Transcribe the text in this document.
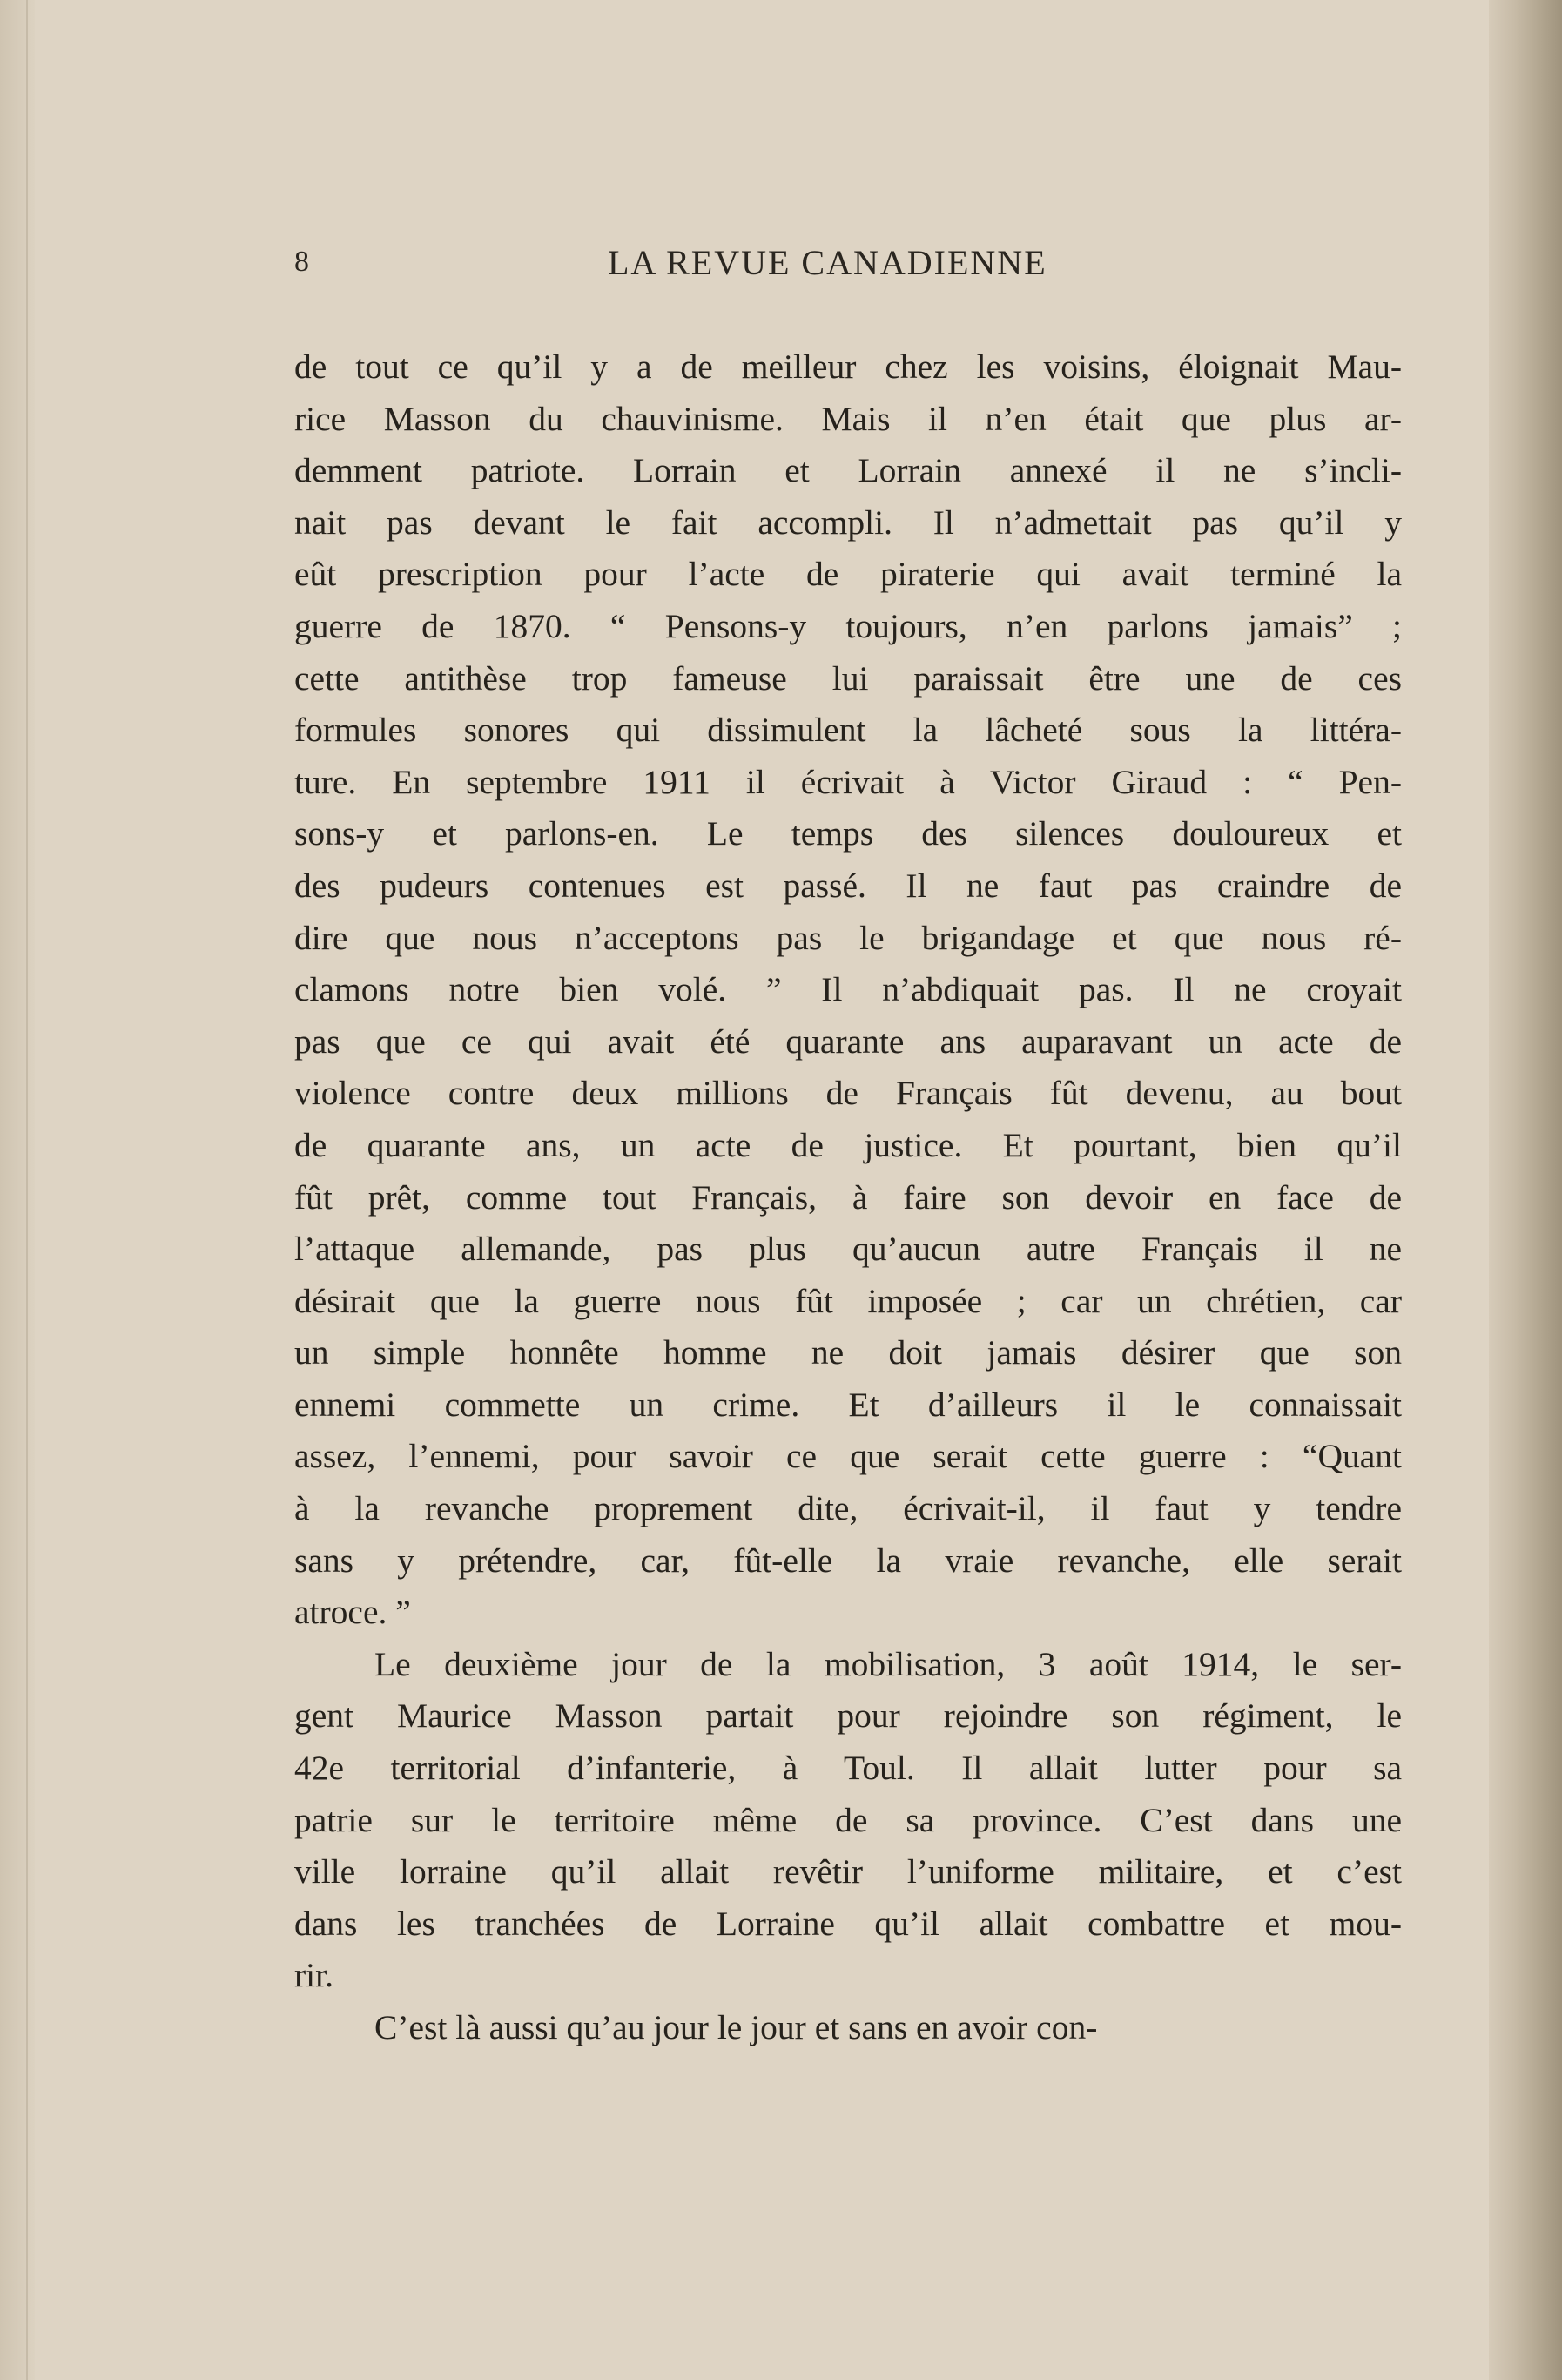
8	LA REVUE CANADIENNE
de tout ce qu’il y a de meilleur chez les voisins, éloignait Mau-
rice Masson du chauvinisme. Mais il n’en était que plus ar-
demment patriote. Lorrain et Lorrain annexé il ne s’incli-
nait pas devant le fait accompli. Il n’admettait pas qu’il y
eût prescription pour l’acte de piraterie qui avait terminé la
guerre de 1870. “ Pensons-y toujours, n’en parlons jamais” ;
cette antithèse trop fameuse lui paraissait être une de ces
formules sonores qui dissimulent la lâcheté sous la littéra-
ture. En septembre 1911 il écrivait à Victor Giraud : “ Pen-
sons-y et parlons-en. Le temps des silences douloureux et
des pudeurs contenues est passé. Il ne faut pas craindre de
dire que nous n’acceptons pas le brigandage et que nous ré-
clamons notre bien volé. ” Il n’abdiquait pas. Il ne croyait
pas que ce qui avait été quarante ans auparavant un acte de
violence contre deux millions de Français fût devenu, au bout
de quarante ans, un acte de justice. Et pourtant, bien qu’il
fût prêt, comme tout Français, à faire son devoir en face de
l’attaque allemande, pas plus qu’aucun autre Français il ne
désirait que la guerre nous fût imposée ; car un chrétien, car
un simple honnête homme ne doit jamais désirer que son
ennemi commette un crime. Et d’ailleurs il le connaissait
assez, l’ennemi, pour savoir ce que serait cette guerre : “Quant
à la revanche proprement dite, écrivait-il, il faut y tendre
sans y prétendre, car, fût-elle la vraie revanche, elle serait
atroce. ”
Le deuxième jour de la mobilisation, 3 août 1914, le ser-
gent Maurice Masson partait pour rejoindre son régiment, le
42e territorial d’infanterie, à Toul. Il allait lutter pour sa
patrie sur le territoire même de sa province. C’est dans une
ville lorraine qu’il allait revêtir l’uniforme militaire, et c’est
dans les tranchées de Lorraine qu’il allait combattre et mou-
rir.
C’est là aussi qu’au jour le jour et sans en avoir con-
